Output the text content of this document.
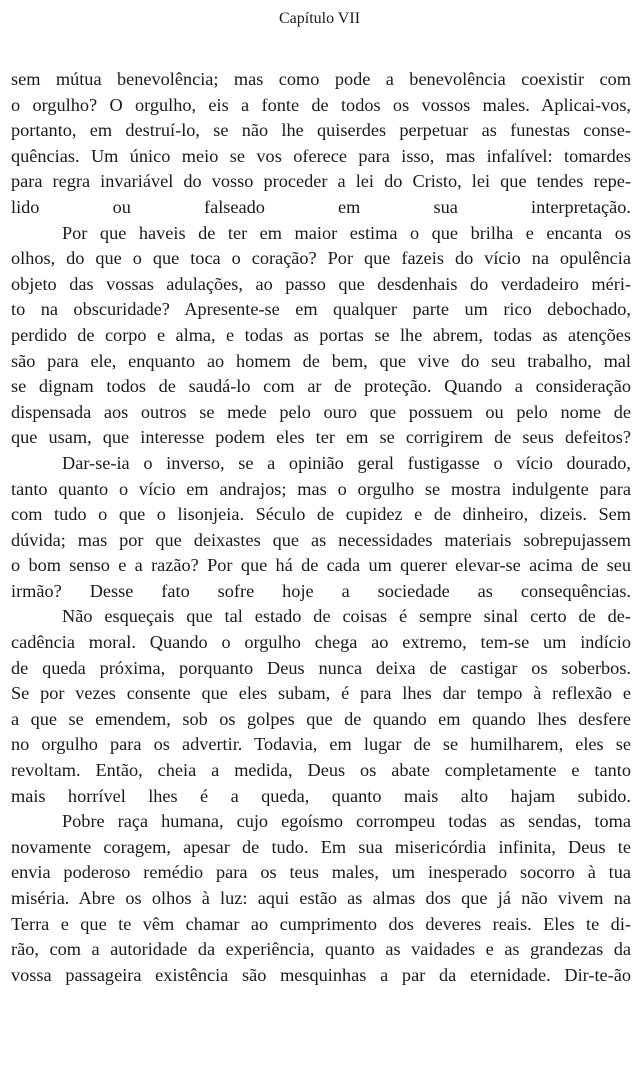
Capítulo VII
sem mútua benevolência; mas como pode a benevolência coexistir com
o orgulho? O orgulho, eis a fonte de todos os vossos males. Aplicai-vos,
portanto, em destruí-lo, se não lhe quiserdes perpetuar as funestas conse-
quências. Um único meio se vos oferece para isso, mas infalível: tomardes
para regra invariável do vosso proceder a lei do Cristo, lei que tendes repe-
lido ou falseado em sua interpretação.
Por que haveis de ter em maior estima o que brilha e encanta os
olhos, do que o que toca o coração? Por que fazeis do vício na opulência
objeto das vossas adulações, ao passo que desdenhais do verdadeiro méri-
to na obscuridade? Apresente-se em qualquer parte um rico debochado,
perdido de corpo e alma, e todas as portas se lhe abrem, todas as atenções
são para ele, enquanto ao homem de bem, que vive do seu trabalho, mal
se dignam todos de saudá-lo com ar de proteção. Quando a consideração
dispensada aos outros se mede pelo ouro que possuem ou pelo nome de
que usam, que interesse podem eles ter em se corrigirem de seus defeitos?
Dar-se-ia o inverso, se a opinião geral fustigasse o vício dourado,
tanto quanto o vício em andrajos; mas o orgulho se mostra indulgente para
com tudo o que o lisonjeia. Século de cupidez e de dinheiro, dizeis. Sem
dúvida; mas por que deixastes que as necessidades materiais sobrepujassem
o bom senso e a razão? Por que há de cada um querer elevar-se acima de seu
irmão? Desse fato sofre hoje a sociedade as consequências.
Não esqueçais que tal estado de coisas é sempre sinal certo de de-
cadência moral. Quando o orgulho chega ao extremo, tem-se um indício
de queda próxima, porquanto Deus nunca deixa de castigar os soberbos.
Se por vezes consente que eles subam, é para lhes dar tempo à reflexão e
a que se emendem, sob os golpes que de quando em quando lhes desfere
no orgulho para os advertir. Todavia, em lugar de se humilharem, eles se
revoltam. Então, cheia a medida, Deus os abate completamente e tanto
mais horrível lhes é a queda, quanto mais alto hajam subido.
Pobre raça humana, cujo egoísmo corrompeu todas as sendas, toma
novamente coragem, apesar de tudo. Em sua misericórdia infinita, Deus te
envia poderoso remédio para os teus males, um inesperado socorro à tua
miséria. Abre os olhos à luz: aqui estão as almas dos que já não vivem na
Terra e que te vêm chamar ao cumprimento dos deveres reais. Eles te di-
rão, com a autoridade da experiência, quanto as vaidades e as grandezas da
vossa passageira existência são mesquinhas a par da eternidade. Dir-te-ão
